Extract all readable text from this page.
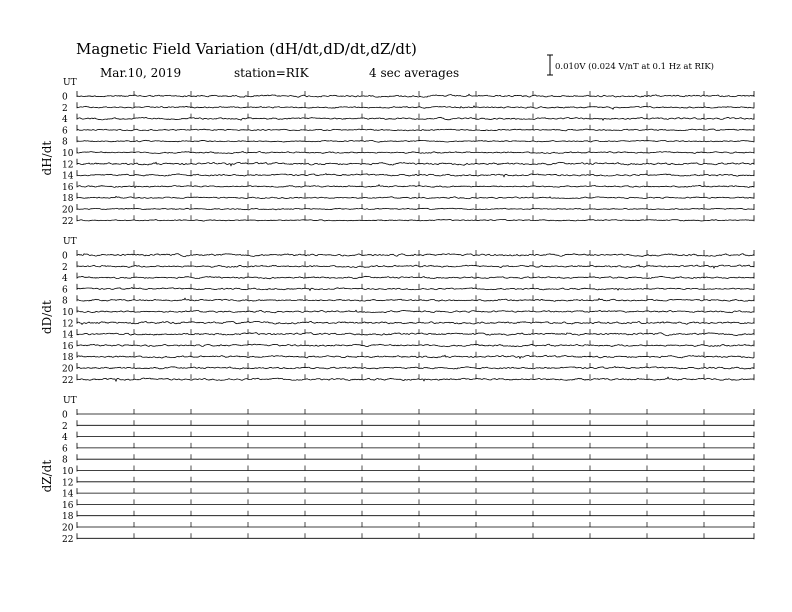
Magnetic Field Variation (dH/dt,dD/dt,dZ/dt)
Mar.10, 2019	station=RIK	4 sec averages	0.010V (0.024 V/nT at 0.1 Hz at RIK)
UT
dH/dt
0
2
4
6
8
10
12
14
16
18
20
22
UT
dD/dt
0
2
4
6
8
10
12
14
16
18
20
22
UT
dZ/dt
0
2
4
6
8
10
12
14
16
18
20
22
